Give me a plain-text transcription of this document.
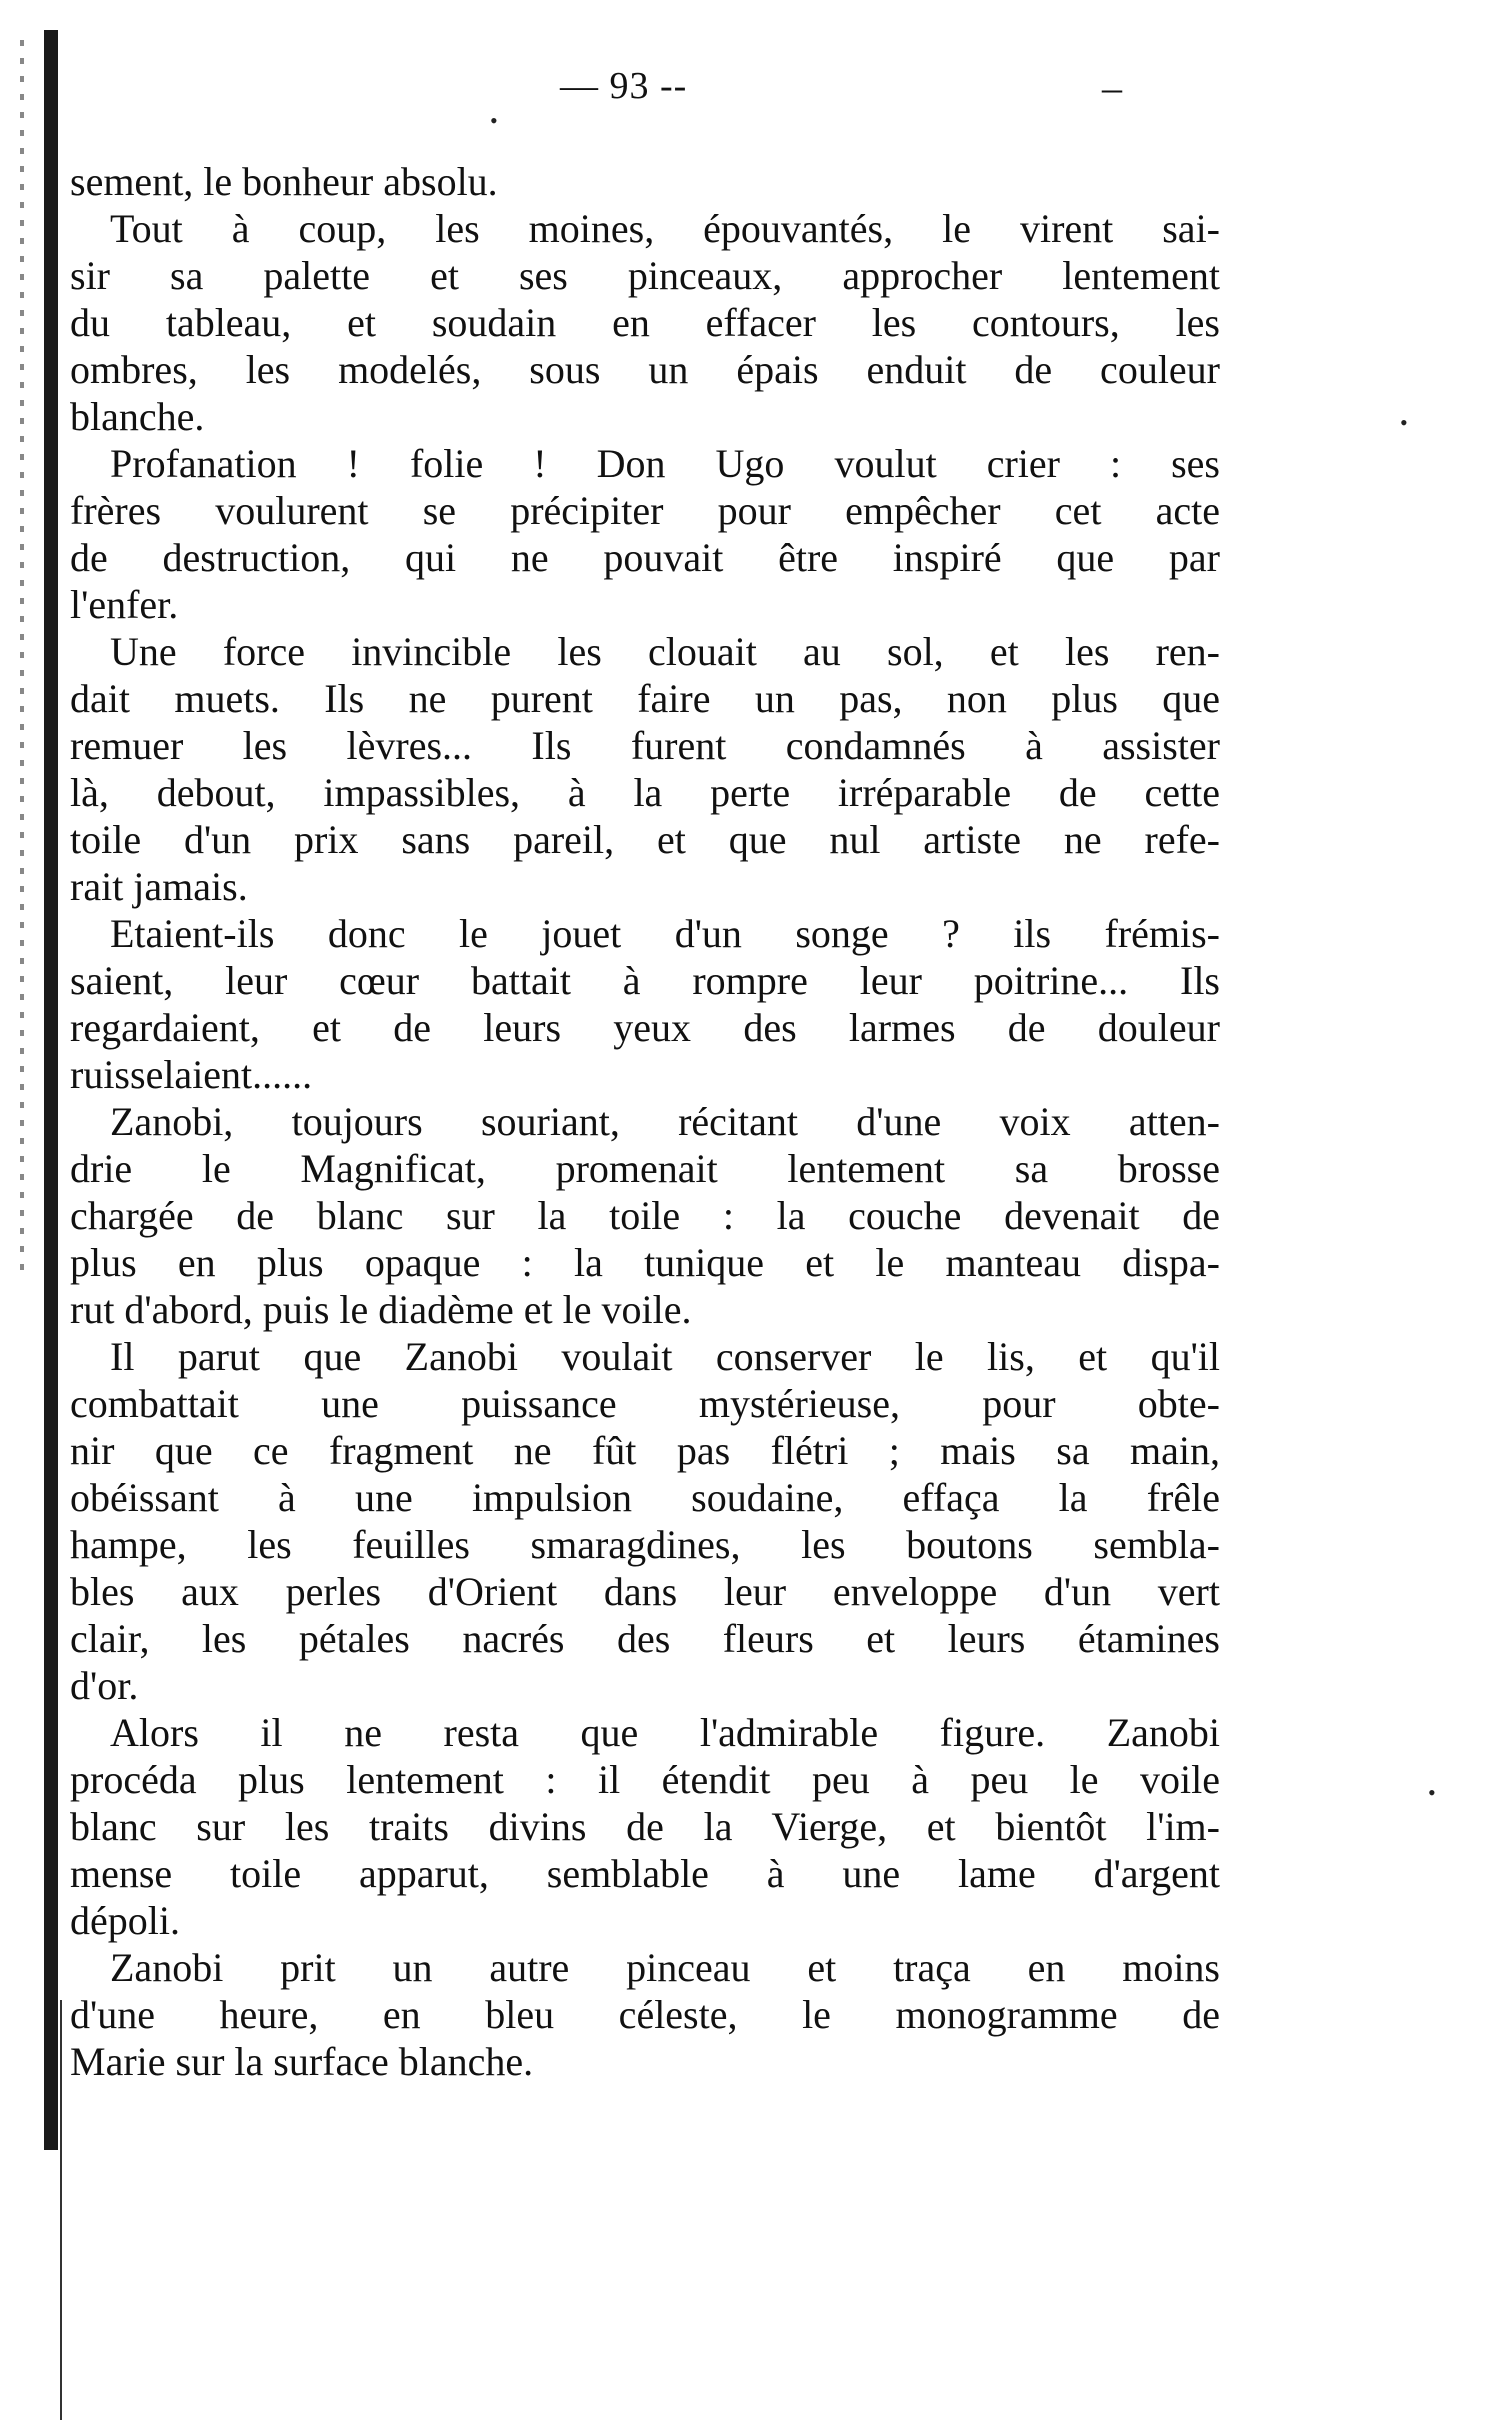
— 93 --	–
•
•
•
sement, le bonheur absolu.
Tout à coup, les moines, épouvantés, le virent sai-
sir sa palette et ses pinceaux, approcher lentement
du tableau, et soudain en effacer les contours, les
ombres, les modelés, sous un épais enduit de couleur
blanche.
Profanation ! folie ! Don Ugo voulut crier : ses
frères voulurent se précipiter pour empêcher cet acte
de destruction, qui ne pouvait être inspiré que par
l'enfer.
Une force invincible les clouait au sol, et les ren-
dait muets. Ils ne purent faire un pas, non plus que
remuer les lèvres... Ils furent condamnés à assister
là, debout, impassibles, à la perte irréparable de cette
toile d'un prix sans pareil, et que nul artiste ne refe-
rait jamais.
Etaient-ils donc le jouet d'un songe ? ils frémis-
saient, leur cœur battait à rompre leur poitrine... Ils
regardaient, et de leurs yeux des larmes de douleur
ruisselaient......
Zanobi, toujours souriant, récitant d'une voix atten-
drie le Magnificat, promenait lentement sa brosse
chargée de blanc sur la toile : la couche devenait de
plus en plus opaque : la tunique et le manteau dispa-
rut d'abord, puis le diadème et le voile.
Il parut que Zanobi voulait conserver le lis, et qu'il
combattait une puissance mystérieuse, pour obte-
nir que ce fragment ne fût pas flétri ; mais sa main,
obéissant à une impulsion soudaine, effaça la frêle
hampe, les feuilles smaragdines, les boutons sembla-
bles aux perles d'Orient dans leur enveloppe d'un vert
clair, les pétales nacrés des fleurs et leurs étamines
d'or.
Alors il ne resta que l'admirable figure. Zanobi
procéda plus lentement : il étendit peu à peu le voile
blanc sur les traits divins de la Vierge, et bientôt l'im-
mense toile apparut, semblable à une lame d'argent
dépoli.
Zanobi prit un autre pinceau et traça en moins
d'une heure, en bleu céleste, le monogramme de
Marie sur la surface blanche.
